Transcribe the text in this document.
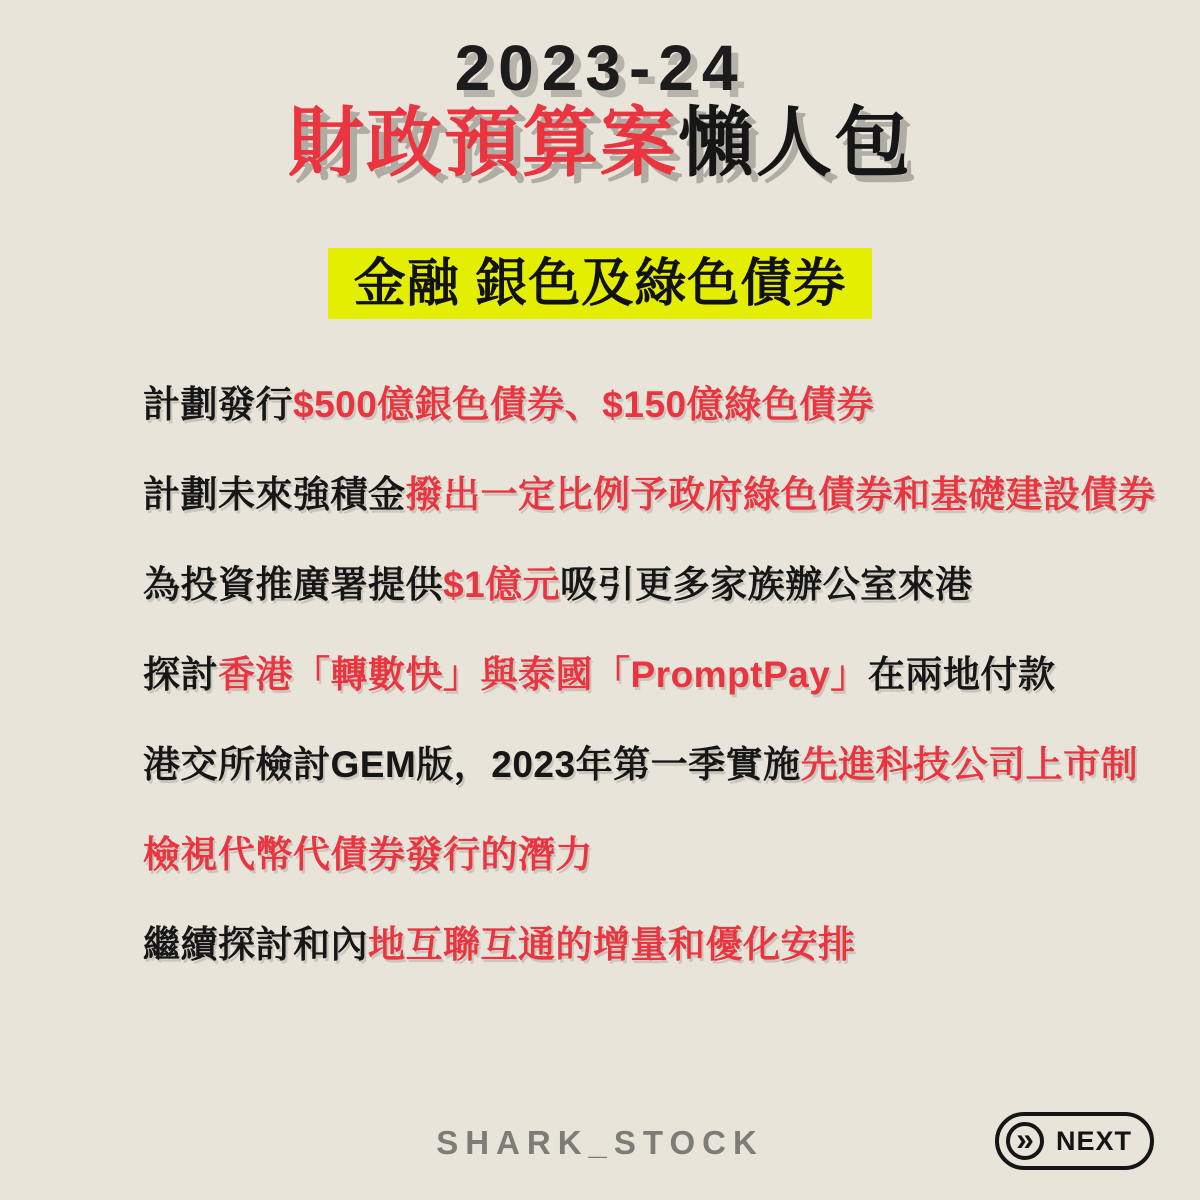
2023-24
財政預算案懶人包
金融 銀色及綠色債券
計劃發行$500億銀色債券、$150億綠色債券
計劃未來強積金撥出一定比例予政府綠色債券和基礎建設債券
為投資推廣署提供$1億元吸引更多家族辦公室來港
探討香港「轉數快」與泰國「PromptPay」在兩地付款
港交所檢討GEM版，2023年第一季實施先進科技公司上市制
檢視代幣代債券發行的潛力
繼續探討和內地互聯互通的增量和優化安排
SHARK_STOCK	» NEXT
